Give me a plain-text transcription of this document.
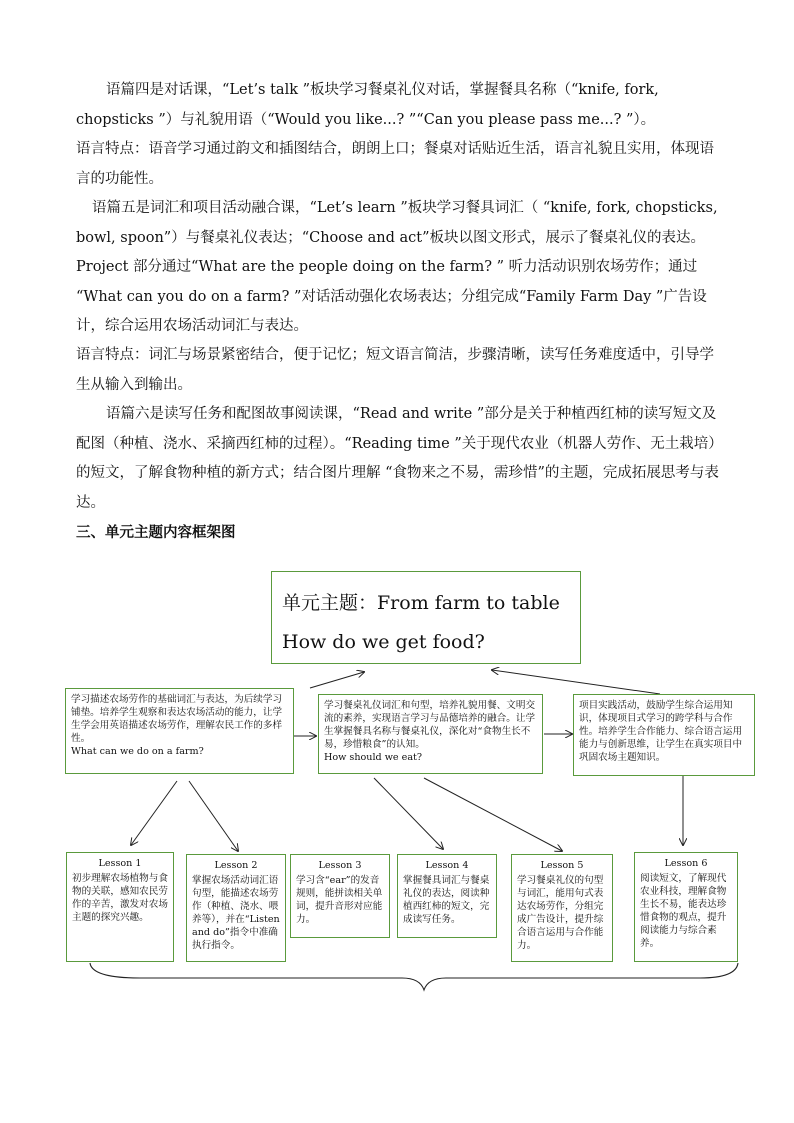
语篇四是对话课，“Let’s talk ”板块学习餐桌礼仪对话，掌握餐具名称（“knife, fork, chopsticks ”）与礼貌用语（“Would you like...? ”“Can you please pass me...? ”）。

语言特点：语音学习通过韵文和插图结合，朗朗上口；餐桌对话贴近生活，语言礼貌且实用，体现语言的功能性。

语篇五是词汇和项目活动融合课，“Let’s learn ”板块学习餐具词汇（ “knife, fork, chopsticks, bowl, spoon”）与餐桌礼仪表达；“Choose and act”板块以图文形式，展示了餐桌礼仪的表达。Project 部分通过“What are the people doing on the farm? ” 听力活动识别农场劳作；通过 “What can you do on a farm? ”对话活动强化农场表达；分组完成“Family Farm Day ”广告设计，综合运用农场活动词汇与表达。

语言特点：词汇与场景紧密结合，便于记忆；短文语言简洁，步骤清晰，读写任务难度适中，引导学生从输入到输出。

语篇六是读写任务和配图故事阅读课，“Read and write ”部分是关于种植西红柿的读写短文及配图（种植、浇水、采摘西红柿的过程）。“Reading time ”关于现代农业（机器人劳作、无土栽培）的短文，了解食物种植的新方式；结合图片理解 “食物来之不易，需珍惜”的主题，完成拓展思考与表达。

三、单元主题内容框架图
单元主题：From farm to table
How do we get food?
学习描述农场劳作的基础词汇与表达，为后续学习铺垫。培养学生观察和表达农场活动的能力，让学生学会用英语描述农场劳作，理解农民工作的多样性。
What can we do on a farm?
学习餐桌礼仪词汇和句型，培养礼貌用餐、文明交流的素养，实现语言学习与品德培养的融合。让学生掌握餐具名称与餐桌礼仪，深化对“食物生长不易，珍惜粮食”的认知。
How should we eat?
项目实践活动，鼓励学生综合运用知识，体现项目式学习的跨学科与合作性。培养学生合作能力、综合语言运用能力与创新思维，让学生在真实项目中巩固农场主题知识。
Lesson 1
初步理解农场植物与食物的关联，感知农民劳作的辛苦，激发对农场主题的探究兴趣。
Lesson 2
掌握农场活动词汇语句型，能描述农场劳作（种植、浇水、喂养等），并在“Listen and do”指令中准确执行指令。
Lesson 3
学习含“ear”的发音规则，能拼读相关单词，提升音形对应能力。
Lesson 4
掌握餐具词汇与餐桌礼仪的表达，阅读种植西红柿的短文，完成读写任务。
Lesson 5
学习餐桌礼仪的句型与词汇，能用句式表达农场劳作，分组完成广告设计，提升综合语言运用与合作能力。
Lesson 6
阅读短文，了解现代农业科技，理解食物生长不易，能表达珍惜食物的观点，提升阅读能力与综合素养。
